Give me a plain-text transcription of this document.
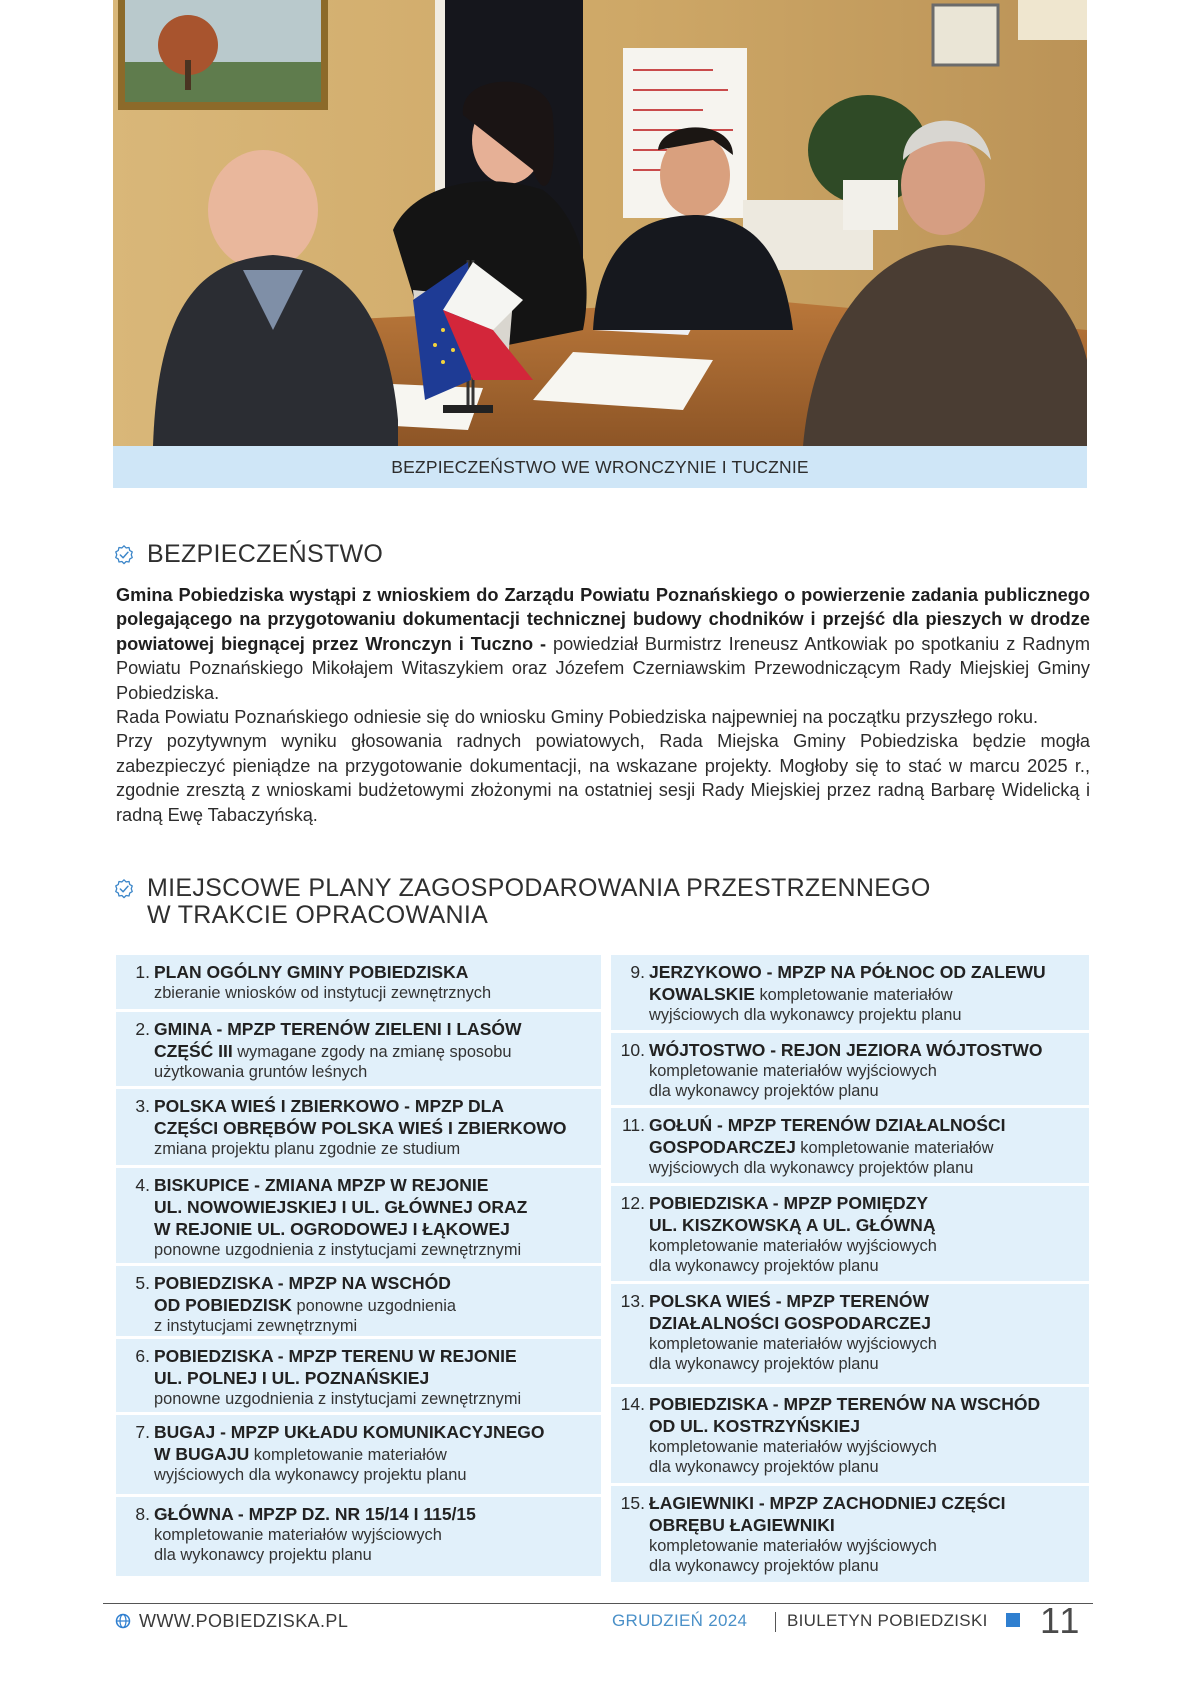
BEZPIECZEŃSTWO WE WRONCZYNIE I TUCZNIE
BEZPIECZEŃSTWO

Gmina Pobiedziska wystąpi z wnioskiem do Zarządu Powiatu Poznańskiego o powierzenie zadania publicznego polegającego na przygotowaniu dokumentacji technicznej budowy chodników i przejść dla pieszych w drodze powiatowej biegnącej przez Wronczyn i Tuczno - powiedział Burmistrz Ireneusz Antkowiak po spotkaniu z Radnym Powiatu Poznańskiego Mikołajem Witaszykiem oraz Józefem Czerniawskim Przewodniczącym Rady Miejskiej Gminy Pobiedziska.

Rada Powiatu Poznańskiego odniesie się do wniosku Gminy Pobiedziska najpewniej na początku przyszłego roku.

Przy pozytywnym wyniku głosowania radnych powiatowych, Rada Miejska Gminy Pobiedziska będzie mogła zabezpieczyć pieniądze na przygotowanie dokumentacji, na wskazane projekty. Mogłoby się to stać w marcu 2025 r., zgodnie zresztą z wnioskami budżetowymi złożonymi na ostatniej sesji Rady Miejskiej przez radną Barbarę Widelicką i radną Ewę Tabaczyńską.

MIEJSCOWE PLANY ZAGOSPODAROWANIA PRZESTRZENNEGO
W TRAKCIE OPRACOWANIA
1. PLAN OGÓLNY GMINY POBIEDZISKA
zbieranie wniosków od instytucji zewnętrznych
2. GMINA - MPZP TERENÓW ZIELENI I LASÓW
CZĘŚĆ III wymagane zgody na zmianę sposobu
użytkowania gruntów leśnych
3. POLSKA WIEŚ I ZBIERKOWO - MPZP DLA
CZĘŚCI OBRĘBÓW POLSKA WIEŚ I ZBIERKOWO
zmiana projektu planu zgodnie ze studium
4. BISKUPICE - ZMIANA MPZP W REJONIE
UL. NOWOWIEJSKIEJ I UL. GŁÓWNEJ ORAZ
W REJONIE UL. OGRODOWEJ I ŁĄKOWEJ
ponowne uzgodnienia z instytucjami zewnętrznymi
5. POBIEDZISKA - MPZP NA WSCHÓD
OD POBIEDZISK ponowne uzgodnienia
z instytucjami zewnętrznymi
6. POBIEDZISKA - MPZP TERENU W REJONIE
UL. POLNEJ I UL. POZNAŃSKIEJ
ponowne uzgodnienia z instytucjami zewnętrznymi
7. BUGAJ - MPZP UKŁADU KOMUNIKACYJNEGO
W BUGAJU kompletowanie materiałów
wyjściowych dla wykonawcy projektu planu
8. GŁÓWNA - MPZP DZ. NR 15/14 I 115/15
kompletowanie materiałów wyjściowych
dla wykonawcy projektu planu
9. JERZYKOWO - MPZP NA PÓŁNOC OD ZALEWU
KOWALSKIE kompletowanie materiałów
wyjściowych dla wykonawcy projektu planu
10. WÓJTOSTWO - REJON JEZIORA WÓJTOSTWO
kompletowanie materiałów wyjściowych
dla wykonawcy projektów planu
11. GOŁUŃ - MPZP TERENÓW DZIAŁALNOŚCI
GOSPODARCZEJ kompletowanie materiałów
wyjściowych dla wykonawcy projektów planu
12. POBIEDZISKA - MPZP POMIĘDZY
UL. KISZKOWSKĄ A UL. GŁÓWNĄ
kompletowanie materiałów wyjściowych
dla wykonawcy projektów planu
13. POLSKA WIEŚ - MPZP TERENÓW
DZIAŁALNOŚCI GOSPODARCZEJ
kompletowanie materiałów wyjściowych
dla wykonawcy projektów planu
14. POBIEDZISKA - MPZP TERENÓW NA WSCHÓD
OD UL. KOSTRZYŃSKIEJ
kompletowanie materiałów wyjściowych
dla wykonawcy projektów planu
15. ŁAGIEWNIKI - MPZP ZACHODNIEJ CZĘŚCI
OBRĘBU ŁAGIEWNIKI
kompletowanie materiałów wyjściowych
dla wykonawcy projektów planu
WWW.POBIEDZISKA.PL	GRUDZIEŃ 2024 BIULETYN POBIEDZISKI 11
